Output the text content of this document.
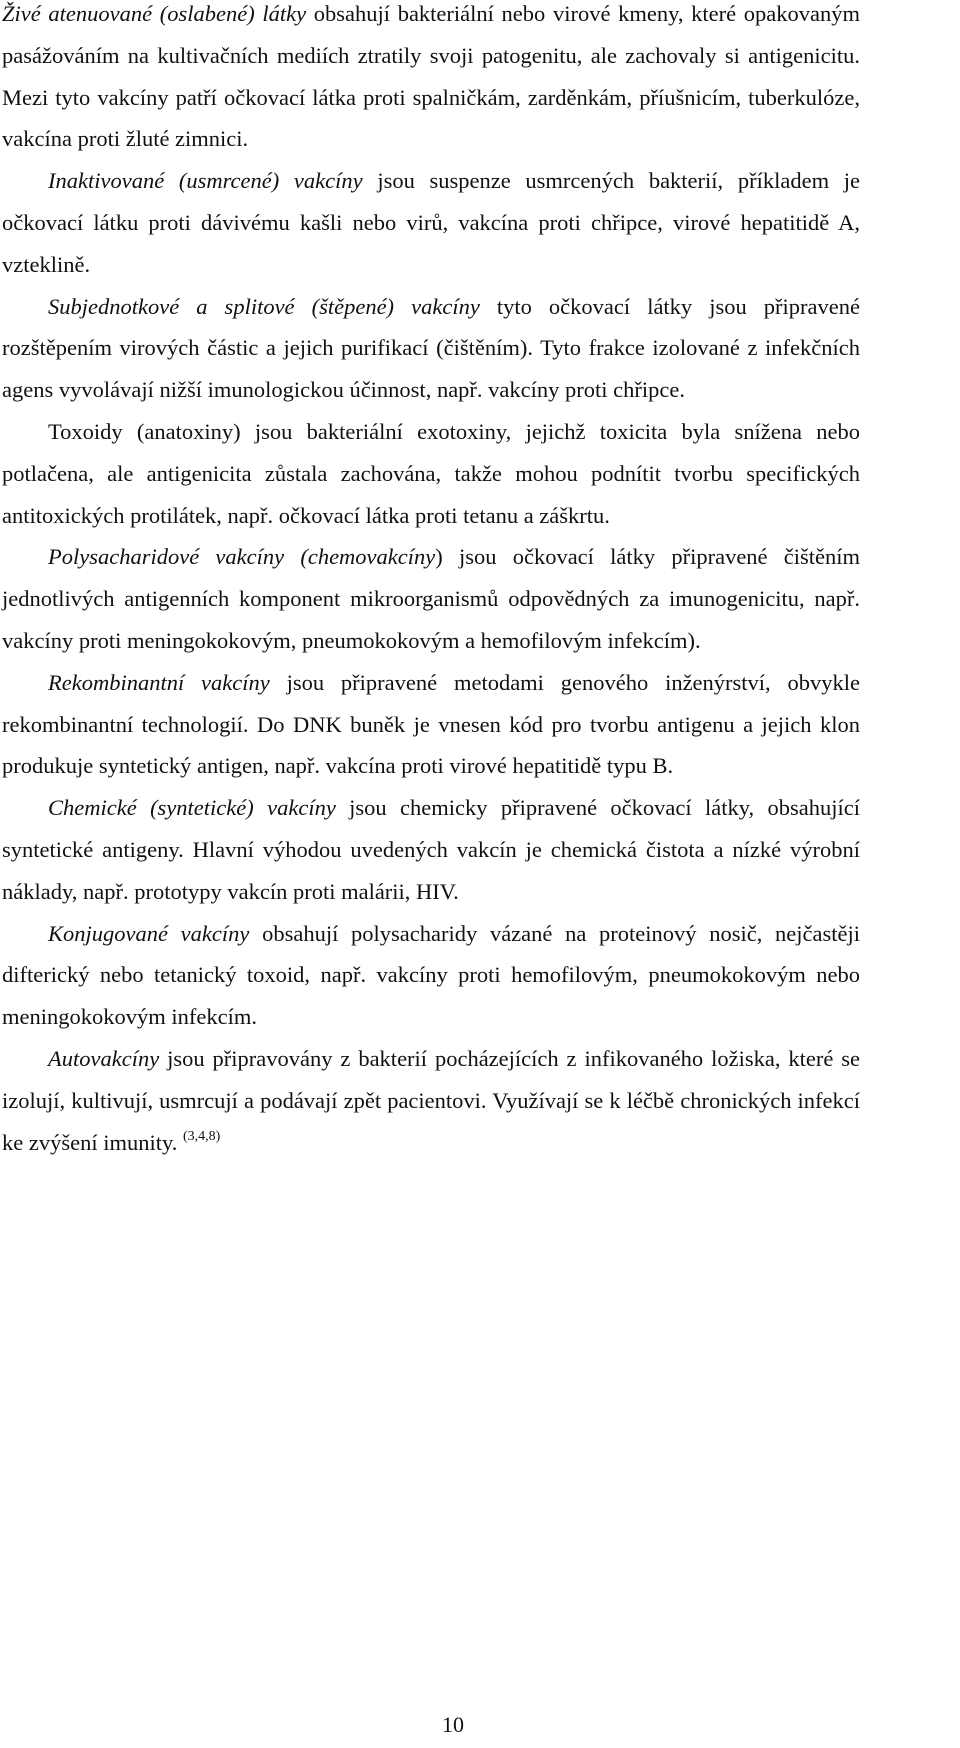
Živé atenuované (oslabené) látky obsahují bakteriální nebo virové kmeny, které opakovaným pasážováním na kultivačních mediích ztratily svoji patogenitu, ale zachovaly si antigenicitu. Mezi tyto vakcíny patří očkovací látka proti spalničkám, zarděnkám, příušnicím, tuberkulóze, vakcína proti žluté zimnici.

Inaktivované (usmrcené) vakcíny jsou suspenze usmrcených bakterií, příkladem je očkovací látku proti dávivému kašli nebo virů, vakcína proti chřipce, virové hepatitidě A, vzteklině.

Subjednotkové a splitové (štěpené) vakcíny tyto očkovací látky jsou připravené rozštěpením virových částic a jejich purifikací (čištěním). Tyto frakce izolované z infekčních agens vyvolávají nižší imunologickou účinnost, např. vakcíny proti chřipce.

Toxoidy (anatoxiny) jsou bakteriální exotoxiny, jejichž toxicita byla snížena nebo potlačena, ale antigenicita zůstala zachována, takže mohou podnítit tvorbu specifických antitoxických protilátek, např. očkovací látka proti tetanu a záškrtu.

Polysacharidové vakcíny (chemovakcíny) jsou očkovací látky připravené čištěním jednotlivých antigenních komponent mikroorganismů odpovědných za imunogenicitu, např. vakcíny proti meningokokovým, pneumokokovým a hemofilovým infekcím).

Rekombinantní vakcíny jsou připravené metodami genového inženýrství, obvykle rekombinantní technologií. Do DNK buněk je vnesen kód pro tvorbu antigenu a jejich klon produkuje syntetický antigen, např. vakcína proti virové hepatitidě typu B.

Chemické (syntetické) vakcíny jsou chemicky připravené očkovací látky, obsahující syntetické antigeny. Hlavní výhodou uvedených vakcín je chemická čistota a nízké výrobní náklady, např. prototypy vakcín proti malárii, HIV.

Konjugované vakcíny obsahují polysacharidy vázané na proteinový nosič, nejčastěji difterický nebo tetanický toxoid, např. vakcíny proti hemofilovým, pneumokokovým nebo meningokokovým infekcím.

Autovakcíny jsou připravovány z bakterií pocházejících z infikovaného ložiska, které se izolují, kultivují, usmrcují a podávají zpět pacientovi. Využívají se k léčbě chronických infekcí ke zvýšení imunity. $^{(3,4,8)}$

10
